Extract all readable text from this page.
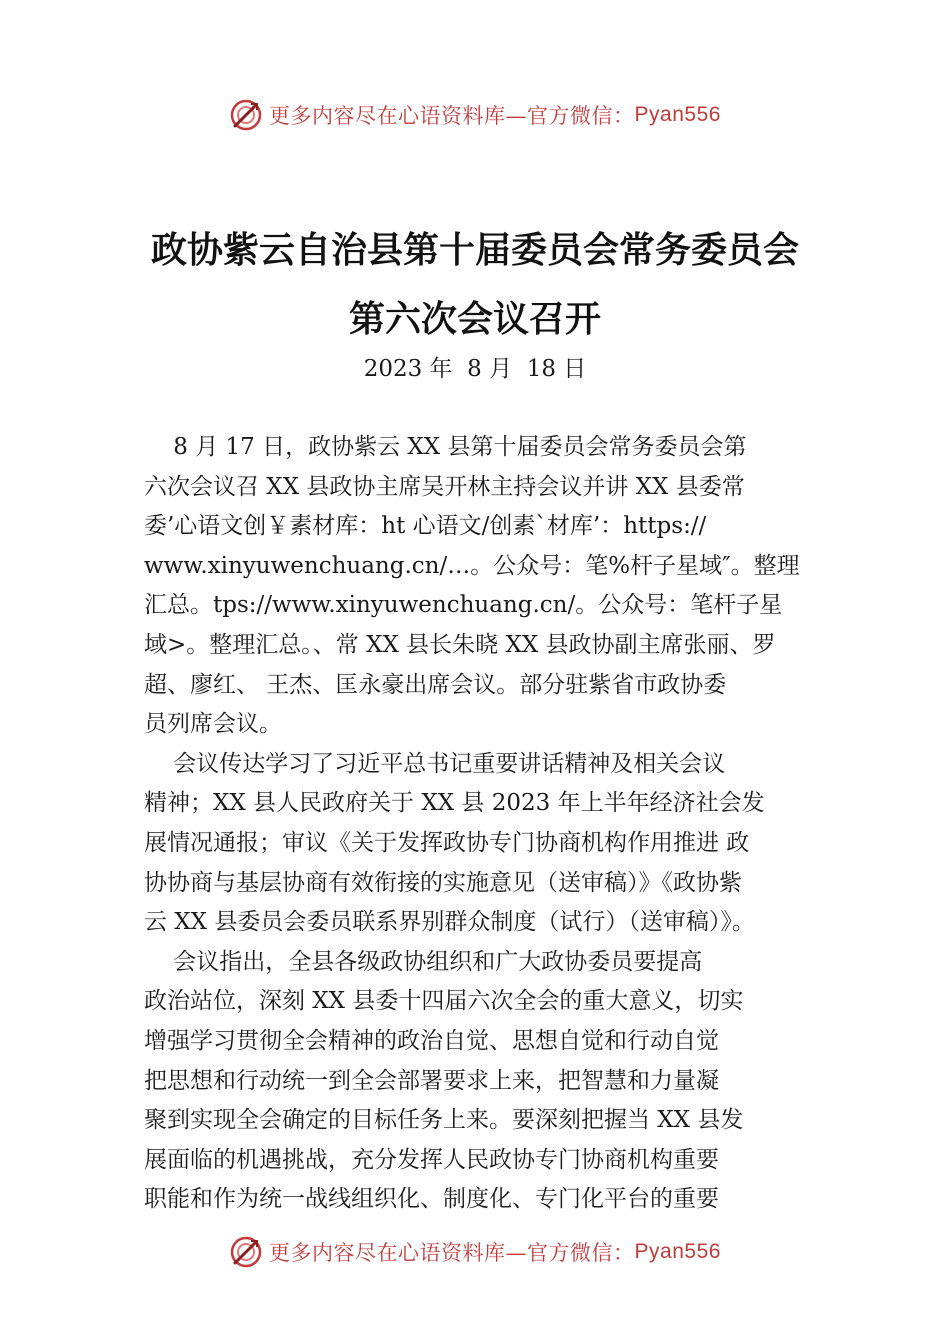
更多内容尽在心语资料库—官方微信： Pyan556
政协紫云自治县第十届委员会常务委员会
第六次会议召开
2023 年  8 月  18 日
8 月 17 日，政协紫云 XX 县第十届委员会常务委员会第
六次会议召 XX 县政协主席吴开林主持会议并讲 XX 县委常
委’心语文创￥素材库：ht 心语文/创素`材库’：https://
www.xinyuwenchuang.cn/…。公众号：笔%杆子星域″。整理
汇总。tps://www.xinyuwenchuang.cn/。公众号：笔杆子星
域>。整理汇总。、常 XX 县长朱晓 XX 县政协副主席张丽、罗
超、廖红、 王杰、匡永豪出席会议。部分驻紫省市政协委
员列席会议。
会议传达学习了习近平总书记重要讲话精神及相关会议
精神；XX 县人民政府关于 XX 县 2023 年上半年经济社会发
展情况通报；审议《关于发挥政协专门协商机构作用推进 政
协协商与基层协商有效衔接的实施意见（送审稿）》《政协紫
云 XX 县委员会委员联系界别群众制度（试行）（送审稿）》。
会议指出，全县各级政协组织和广大政协委员要提高
政治站位，深刻 XX 县委十四届六次全会的重大意义，切实
增强学习贯彻全会精神的政治自觉、思想自觉和行动自觉
把思想和行动统一到全会部署要求上来，把智慧和力量凝
聚到实现全会确定的目标任务上来。要深刻把握当 XX 县发
展面临的机遇挑战，充分发挥人民政协专门协商机构重要
职能和作为统一战线组织化、制度化、专门化平台的重要
更多内容尽在心语资料库—官方微信： Pyan556
